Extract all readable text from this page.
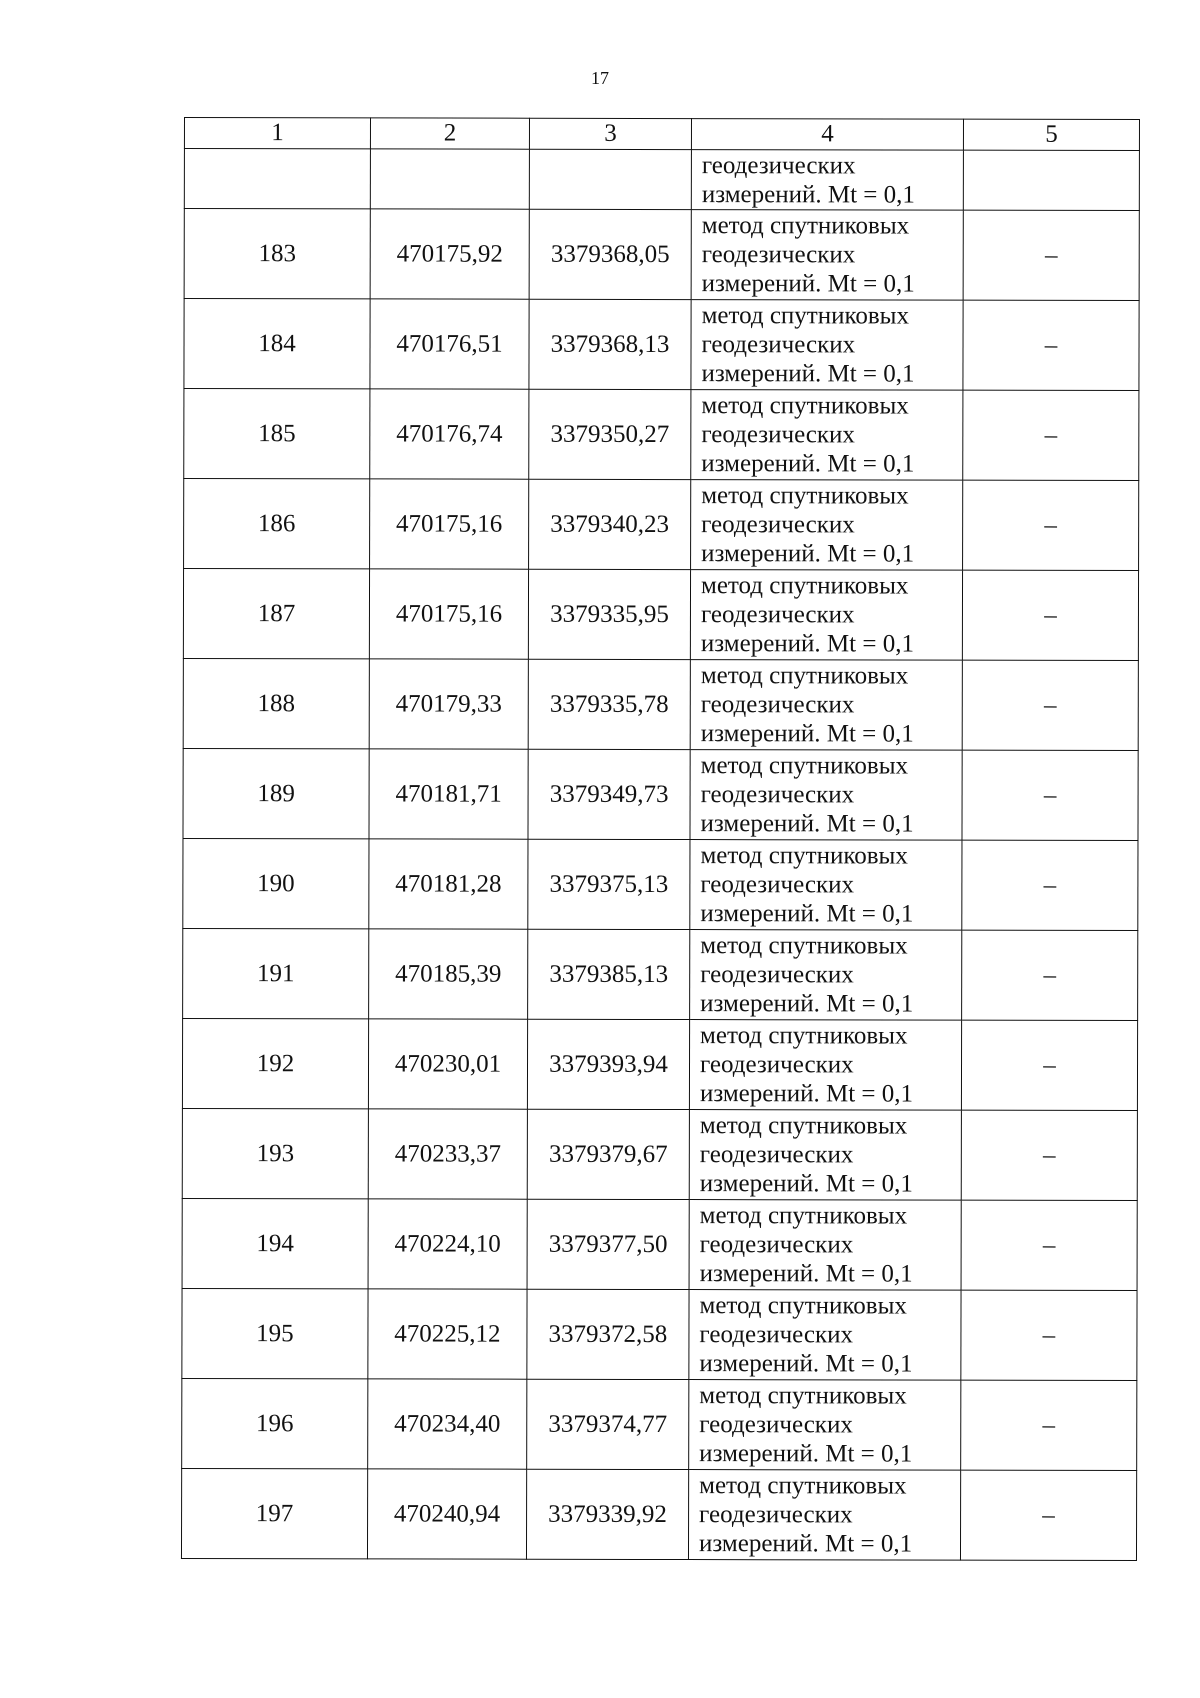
17
1	2	3	4	5

			геодезических
измерений. Mt = 0,1	

183	470175,92	3379368,05	метод спутниковых
геодезических
измерений. Mt = 0,1	–
184	470176,51	3379368,13	метод спутниковых
геодезических
измерений. Mt = 0,1	–
185	470176,74	3379350,27	метод спутниковых
геодезических
измерений. Mt = 0,1	–
186	470175,16	3379340,23	метод спутниковых
геодезических
измерений. Mt = 0,1	–
187	470175,16	3379335,95	метод спутниковых
геодезических
измерений. Mt = 0,1	–
188	470179,33	3379335,78	метод спутниковых
геодезических
измерений. Mt = 0,1	–
189	470181,71	3379349,73	метод спутниковых
геодезических
измерений. Mt = 0,1	–
190	470181,28	3379375,13	метод спутниковых
геодезических
измерений. Mt = 0,1	–
191	470185,39	3379385,13	метод спутниковых
геодезических
измерений. Mt = 0,1	–
192	470230,01	3379393,94	метод спутниковых
геодезических
измерений. Mt = 0,1	–
193	470233,37	3379379,67	метод спутниковых
геодезических
измерений. Mt = 0,1	–
194	470224,10	3379377,50	метод спутниковых
геодезических
измерений. Mt = 0,1	–
195	470225,12	3379372,58	метод спутниковых
геодезических
измерений. Mt = 0,1	–
196	470234,40	3379374,77	метод спутниковых
геодезических
измерений. Mt = 0,1	–
197	470240,94	3379339,92	метод спутниковых
геодезических
измерений. Mt = 0,1	–
